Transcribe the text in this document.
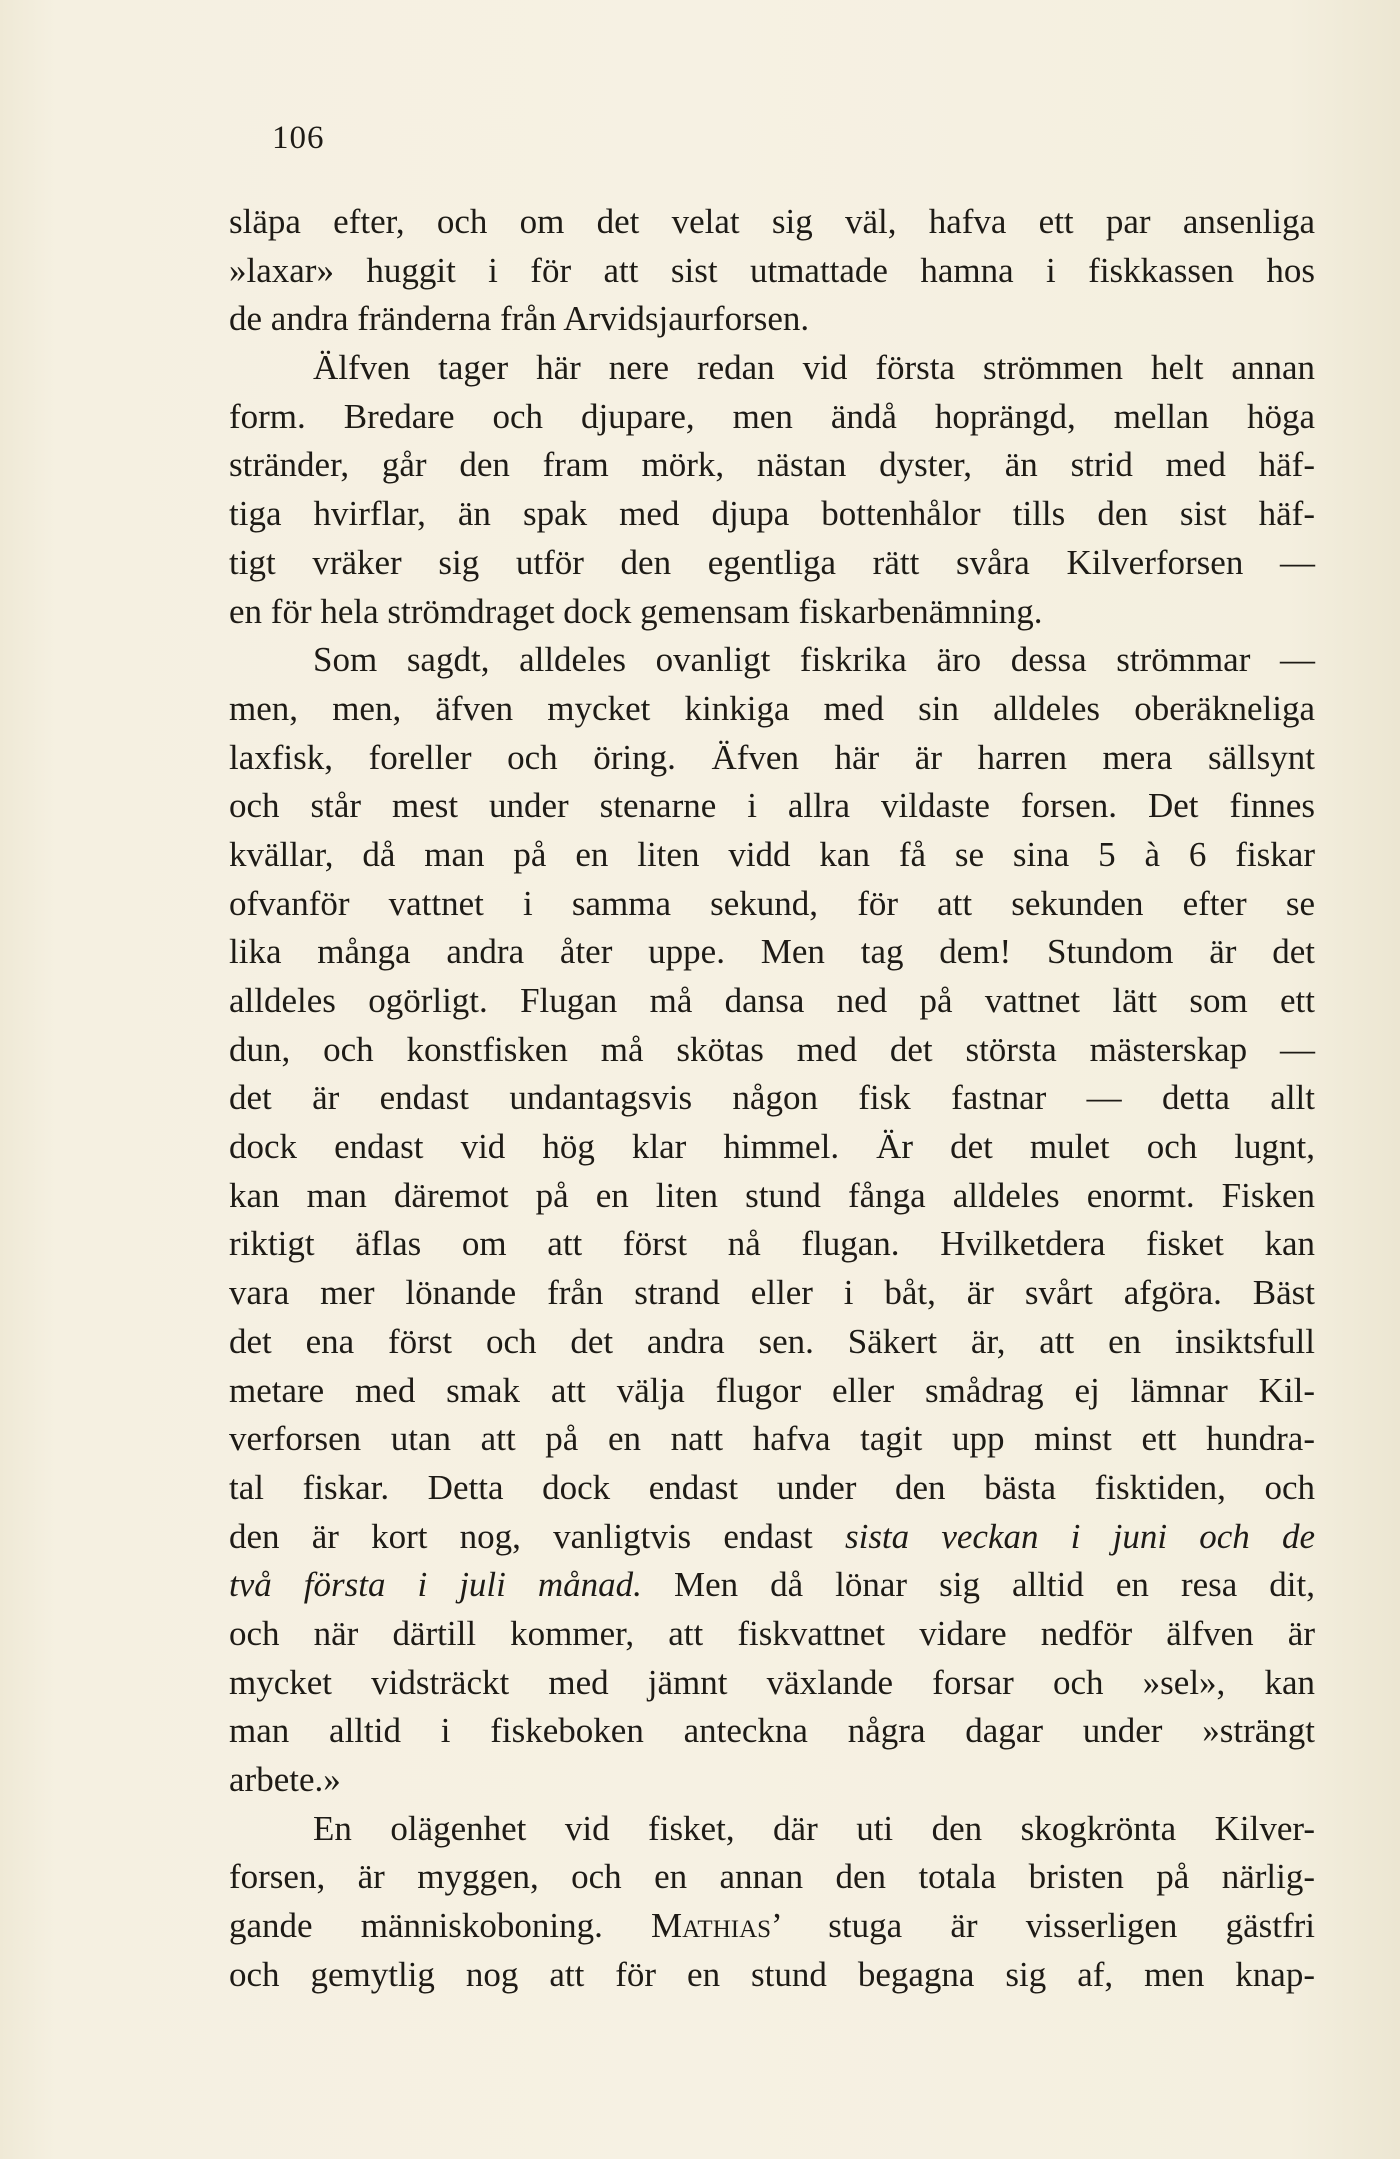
106

släpa efter, och om det velat sig väl, hafva ett par ansenliga
»laxar» huggit i för att sist utmattade hamna i fiskkassen hos
de andra fränderna från Arvidsjaurforsen.
Älfven tager här nere redan vid första strömmen helt annan
form. Bredare och djupare, men ändå hoprängd, mellan höga
stränder, går den fram mörk, nästan dyster, än strid med häf-
tiga hvirflar, än spak med djupa bottenhålor tills den sist häf-
tigt vräker sig utför den egentliga rätt svåra Kilverforsen —
en för hela strömdraget dock gemensam fiskarbenämning.
Som sagdt, alldeles ovanligt fiskrika äro dessa strömmar —
men, men, äfven mycket kinkiga med sin alldeles oberäkneliga
laxfisk, foreller och öring. Äfven här är harren mera sällsynt
och står mest under stenarne i allra vildaste forsen. Det finnes
kvällar, då man på en liten vidd kan få se sina 5 à 6 fiskar
ofvanför vattnet i samma sekund, för att sekunden efter se
lika många andra åter uppe. Men tag dem! Stundom är det
alldeles ogörligt. Flugan må dansa ned på vattnet lätt som ett
dun, och konstfisken må skötas med det största mästerskap —
det är endast undantagsvis någon fisk fastnar — detta allt
dock endast vid hög klar himmel. Är det mulet och lugnt,
kan man däremot på en liten stund fånga alldeles enormt. Fisken
riktigt äflas om att först nå flugan. Hvilketdera fisket kan
vara mer lönande från strand eller i båt, är svårt afgöra. Bäst
det ena först och det andra sen. Säkert är, att en insiktsfull
metare med smak att välja flugor eller smådrag ej lämnar Kil-
verforsen utan att på en natt hafva tagit upp minst ett hundra-
tal fiskar. Detta dock endast under den bästa fisktiden, och
den är kort nog, vanligtvis endast sista veckan i juni och de
två första i juli månad. Men då lönar sig alltid en resa dit,
och när därtill kommer, att fiskvattnet vidare nedför älfven är
mycket vidsträckt med jämnt växlande forsar och »sel», kan
man alltid i fiskeboken anteckna några dagar under »strängt
arbete.»
En olägenhet vid fisket, där uti den skogkrönta Kilver-
forsen, är myggen, och en annan den totala bristen på närlig-
gande människoboning. Mathias’ stuga är visserligen gästfri
och gemytlig nog att för en stund begagna sig af, men knap-
